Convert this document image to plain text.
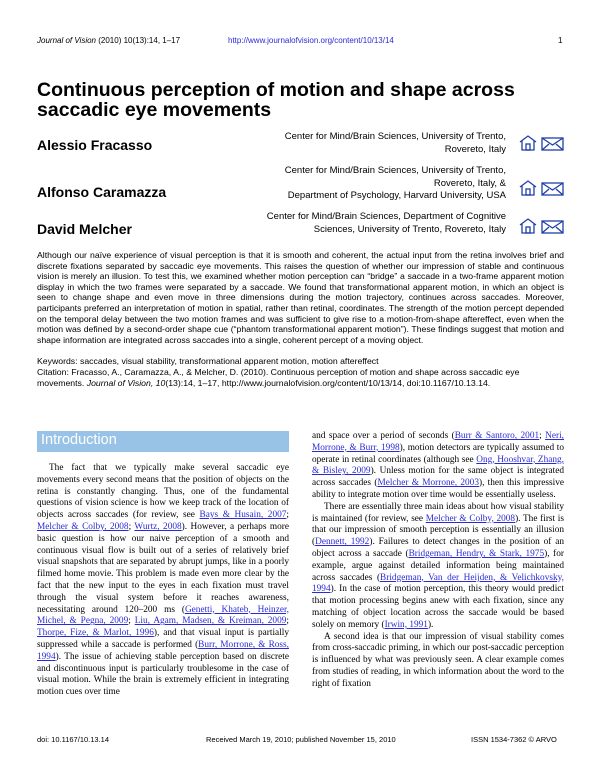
Journal of Vision (2010) 10(13):14, 1–17	http://www.journalofvision.org/content/10/13/14	1
Continuous perception of motion and shape across saccadic eye movements
Alessio Fracasso
Center for Mind/Brain Sciences, University of Trento,
Rovereto, Italy
Alfonso Caramazza
Center for Mind/Brain Sciences, University of Trento,
Rovereto, Italy, &
Department of Psychology, Harvard University, USA
David Melcher
Center for Mind/Brain Sciences, Department of Cognitive
Sciences, University of Trento, Rovereto, Italy
Although our naïve experience of visual perception is that it is smooth and coherent, the actual input from the retina involves brief and discrete fixations separated by saccadic eye movements. This raises the question of whether our impression of stable and continuous vision is merely an illusion. To test this, we examined whether motion perception can “bridge” a saccade in a two-frame apparent motion display in which the two frames were separated by a saccade. We found that transformational apparent motion, in which an object is seen to change shape and even move in three dimensions during the motion trajectory, continues across saccades. Moreover, participants preferred an interpretation of motion in spatial, rather than retinal, coordinates. The strength of the motion percept depended on the temporal delay between the two motion frames and was sufficient to give rise to a motion-from-shape aftereffect, even when the motion was defined by a second-order shape cue (“phantom transformational apparent motion”). These findings suggest that motion and shape information are integrated across saccades into a single, coherent percept of a moving object.
Keywords: saccades, visual stability, transformational apparent motion, motion aftereffect
Citation: Fracasso, A., Caramazza, A., & Melcher, D. (2010). Continuous perception of motion and shape across saccadic eye movements. Journal of Vision, 10(13):14, 1–17, http://www.journalofvision.org/content/10/13/14, doi:10.1167/10.13.14.
Introduction

The fact that we typically make several saccadic eye movements every second means that the position of objects on the retina is constantly changing. Thus, one of the fundamental questions of vision science is how we keep track of the location of objects across saccades (for review, see Bays & Husain, 2007; Melcher & Colby, 2008; Wurtz, 2008). However, a perhaps more basic question is how our naive perception of a smooth and continuous visual flow is built out of a series of relatively brief visual snapshots that are separated by abrupt jumps, like in a poorly filmed home movie. This problem is made even more clear by the fact that the new input to the eyes in each fixation must travel through the visual system before it reaches awareness, necessitating around 120–200 ms (Genetti, Khateb, Heinzer, Michel, & Pegna, 2009; Liu, Agam, Madsen, & Kreiman, 2009; Thorpe, Fize, & Marlot, 1996), and that visual input is partially suppressed while a saccade is performed (Burr, Morrone, & Ross, 1994). The issue of achieving stable perception based on discrete and discontinuous input is particularly troublesome in the case of visual motion. While the brain is extremely efficient in integrating motion cues over time

and space over a period of seconds (Burr & Santoro, 2001; Neri, Morrone, & Burr, 1998), motion detectors are typically assumed to operate in retinal coordinates (although see Ong, Hooshvar, Zhang, & Bisley, 2009). Unless motion for the same object is integrated across saccades (Melcher & Morrone, 2003), then this impressive ability to integrate motion over time would be essentially useless.

There are essentially three main ideas about how visual stability is maintained (for review, see Melcher & Colby, 2008). The first is that our impression of smooth perception is essentially an illusion (Dennett, 1992). Failures to detect changes in the position of an object across a saccade (Bridgeman, Hendry, & Stark, 1975), for example, argue against detailed information being maintained across saccades (Bridgeman, Van der Heijden, & Velichkovsky, 1994). In the case of motion perception, this theory would predict that motion processing begins anew with each fixation, since any matching of object location across the saccade would be based solely on memory (Irwin, 1991).

A second idea is that our impression of visual stability comes from cross-saccadic priming, in which our post-saccadic perception is influenced by what was previously seen. A clear example comes from studies of reading, in which information about the word to the right of fixation

doi: 10.1167/10.13.14	Received March 19, 2010; published November 15, 2010	ISSN 1534-7362 © ARVO
